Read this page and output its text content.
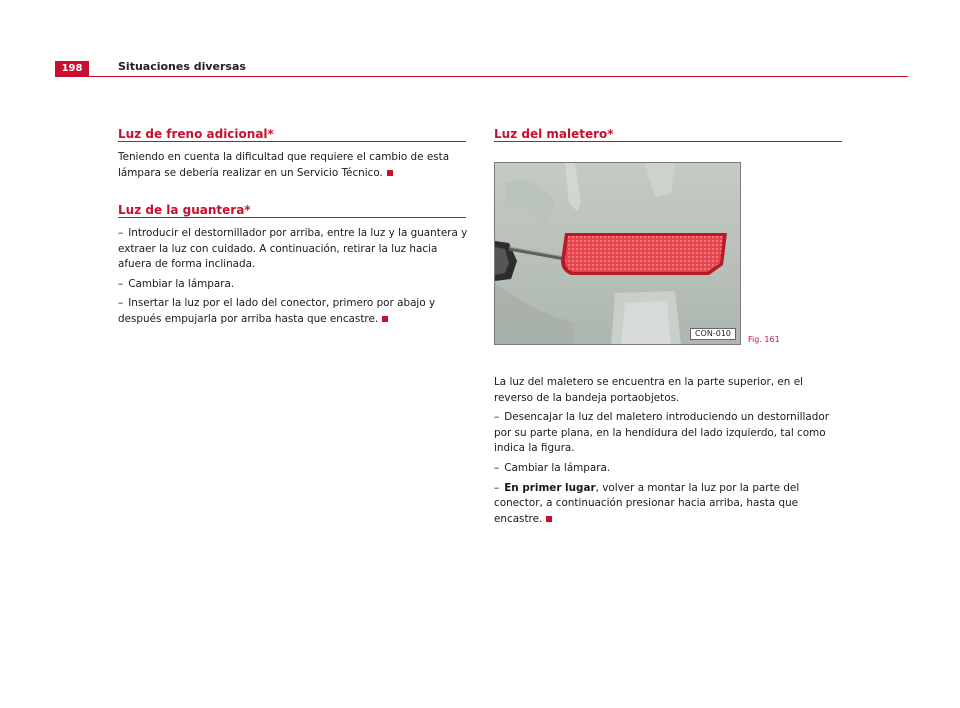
198	Situaciones diversas
Luz de freno adicional*

Teniendo en cuenta la dificultad que requiere el cambio de esta lámpara se debería realizar en un Servicio Técnico.

Luz de la guantera*

– Introducir el destornillador por arriba, entre la luz y la guantera y extraer la luz con cuidado. A continuación, retirar la luz hacia afuera de forma inclinada.

– Cambiar la lámpara.

– Insertar la luz por el lado del conector, primero por abajo y después empujarla por arriba hasta que encastre.

Luz del maletero*
CON-010
Fig. 161

La luz del maletero se encuentra en la parte superior, en el reverso de la bandeja portaobjetos.

– Desencajar la luz del maletero introduciendo un destornillador por su parte plana, en la hendidura del lado izquierdo, tal como indica la figura.

– Cambiar la lámpara.

– En primer lugar, volver a montar la luz por la parte del conector, a continuación presionar hacia arriba, hasta que encastre.
